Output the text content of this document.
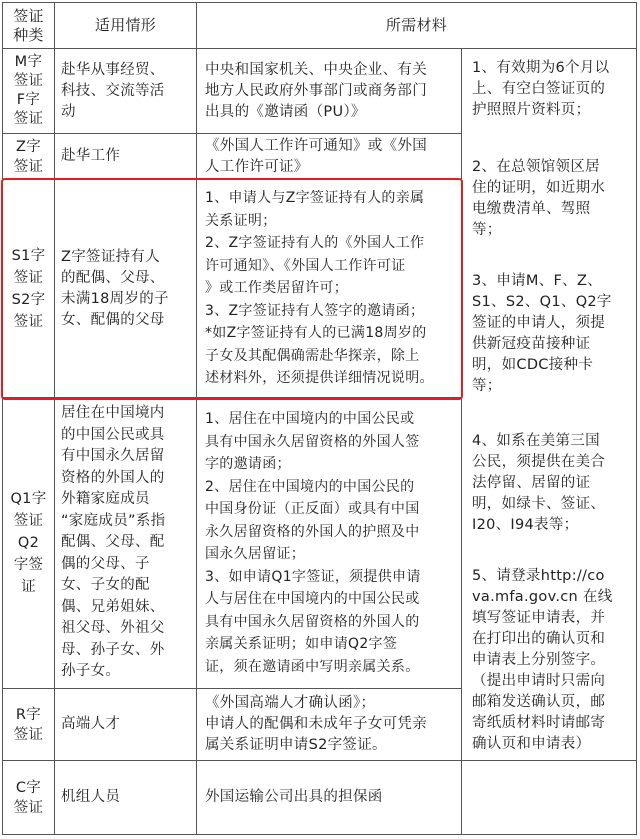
签证
种类
适用情形	所需材料
M字
签证
F字
签证
赴华从事经贸、
科技、交流等活
动
中央和国家机关、中央企业、有关
地方人民政府外事部门或商务部门
出具的《邀请函（PU）》
Z字
签证
赴华工作
《外国人工作许可通知》或《外国
人工作许可证》
S1字
签证
S2字
签证
Z字签证持有人
的配偶、父母、
未满18周岁的子
女、配偶的父母
1、申请人与Z字签证持有人的亲属
关系证明；
2、Z字签证持有人的《外国人工作
许可通知》、《外国人工作许可证
》或工作类居留许可；
3、Z字签证持有人签字的邀请函；
*如Z字签证持有人的已满18周岁的
子女及其配偶确需赴华探亲，除上
述材料外，还须提供详细情况说明。
Q1字
签证
Q2
字签
证
居住在中国境内
的中国公民或具
有中国永久居留
资格的外国人的
外籍家庭成员
“家庭成员”系指
配偶、父母、配
偶的父母、子
女、子女的配
偶、兄弟姐妹、
祖父母、外祖父
母、孙子女、外
孙子女。
1、居住在中国境内的中国公民或
具有中国永久居留资格的外国人签
字的邀请函；
2、居住在中国境内的中国公民的
中国身份证（正反面）或具有中国
永久居留资格的外国人的护照及中
国永久居留证；
3、如申请Q1字签证，须提供申请
人与居住在中国境内的中国公民或
具有中国永久居留资格的外国人的
亲属关系证明；如申请Q2字签
证，须在邀请函中写明亲属关系。
R字
签证
高端人才
《外国高端人才确认函》；
申请人的配偶和未成年子女可凭亲
属关系证明申请S2字签证。
C字
签证
机组人员	外国运输公司出具的担保函

1、有效期为6个月以
上、有空白签证页的
护照照片资料页；

2、在总领馆领区居
住的证明，如近期水
电缴费清单、驾照
等；

3、申请M、F、Z、
S1、S2、Q1、Q2字
签证的申请人，须提
供新冠疫苗接种证
明，如CDC接种卡
等；

4、如系在美第三国
公民，须提供在美合
法停留、居留的证
明，如绿卡、签证、
I20、I94表等；

5、请登录http://co
va.mfa.gov.cn 在线
填写签证申请表，并
在打印出的确认页和
申请表上分别签字。
（提出申请时只需向
邮箱发送确认页，邮
寄纸质材料时请邮寄
确认页和申请表）
